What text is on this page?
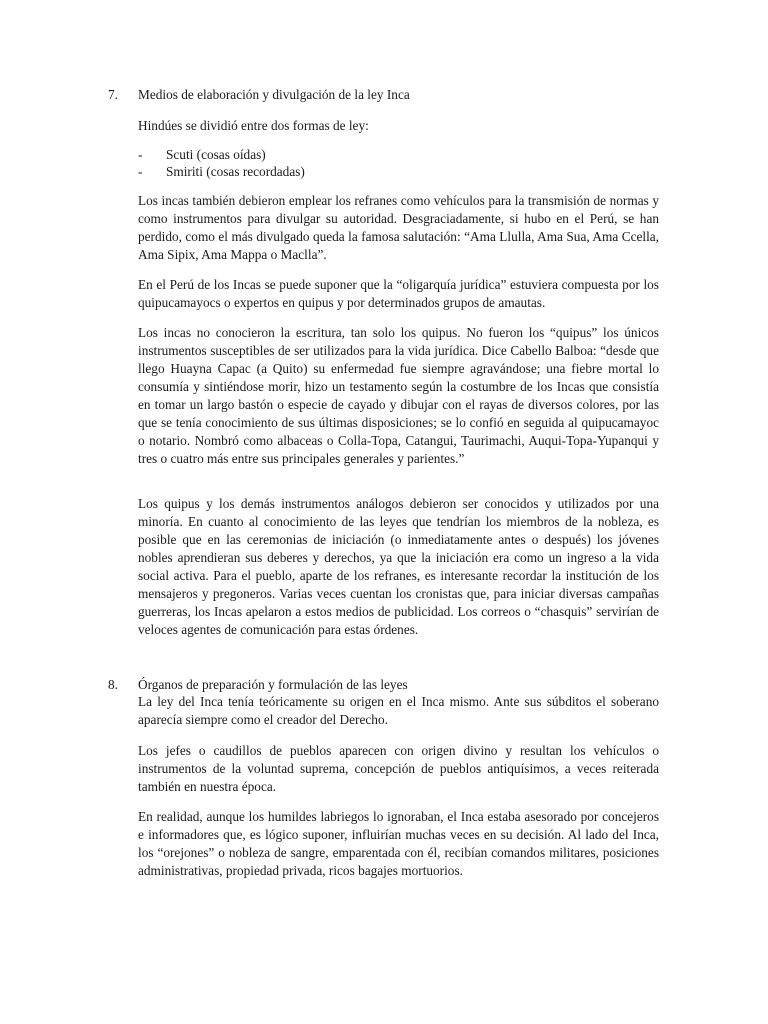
7. Medios de elaboración y divulgación de la ley Inca
Hindúes se dividió entre dos formas de ley:
- Scuti (cosas oídas)
- Smiriti (cosas recordadas)

Los incas también debieron emplear los refranes como vehículos para la transmisión de normas y como instrumentos para divulgar su autoridad. Desgraciadamente, si hubo en el Perú, se han perdido, como el más divulgado queda la famosa salutación: “Ama Llulla, Ama Sua, Ama Ccella, Ama Sipix, Ama Mappa o Maclla”.

En el Perú de los Incas se puede suponer que la “oligarquía jurídica” estuviera compuesta por los quipucamayocs o expertos en quipus y por determinados grupos de amautas.

Los incas no conocieron la escritura, tan solo los quipus. No fueron los “quipus” los únicos instrumentos susceptibles de ser utilizados para la vida jurídica. Dice Cabello Balboa: “desde que llego Huayna Capac (a Quito) su enfermedad fue siempre agravándose; una fiebre mortal lo consumía y sintiéndose morir, hizo un testamento según la costumbre de los Incas que consistía en tomar un largo bastón o especie de cayado y dibujar con el rayas de diversos colores, por las que se tenía conocimiento de sus últimas disposiciones; se lo confió en seguida al quipucamayoc o notario. Nombró como albaceas o Colla-Topa, Catangui, Taurimachi, Auqui-Topa-Yupanqui y tres o cuatro más entre sus principales generales y parientes.”

Los quipus y los demás instrumentos análogos debieron ser conocidos y utilizados por una minoría. En cuanto al conocimiento de las leyes que tendrían los miembros de la nobleza, es posible que en las ceremonias de iniciación (o inmediatamente antes o después) los jóvenes nobles aprendieran sus deberes y derechos, ya que la iniciación era como un ingreso a la vida social activa. Para el pueblo, aparte de los refranes, es interesante recordar la institución de los mensajeros y pregoneros. Varias veces cuentan los cronistas que, para iniciar diversas campañas guerreras, los Incas apelaron a estos medios de publicidad. Los correos o “chasquis” servirían de veloces agentes de comunicación para estas órdenes.

8. Órganos de preparación y formulación de las leyes

La ley del Inca tenía teóricamente su origen en el Inca mismo. Ante sus súbditos el soberano aparecía siempre como el creador del Derecho.

Los jefes o caudillos de pueblos aparecen con origen divino y resultan los vehículos o instrumentos de la voluntad suprema, concepción de pueblos antiquísimos, a veces reiterada también en nuestra época.

En realidad, aunque los humildes labriegos lo ignoraban, el Inca estaba asesorado por concejeros e informadores que, es lógico suponer, influirían muchas veces en su decisión. Al lado del Inca, los “orejones” o nobleza de sangre, emparentada con él, recibían comandos militares, posiciones administrativas, propiedad privada, ricos bagajes mortuorios.
